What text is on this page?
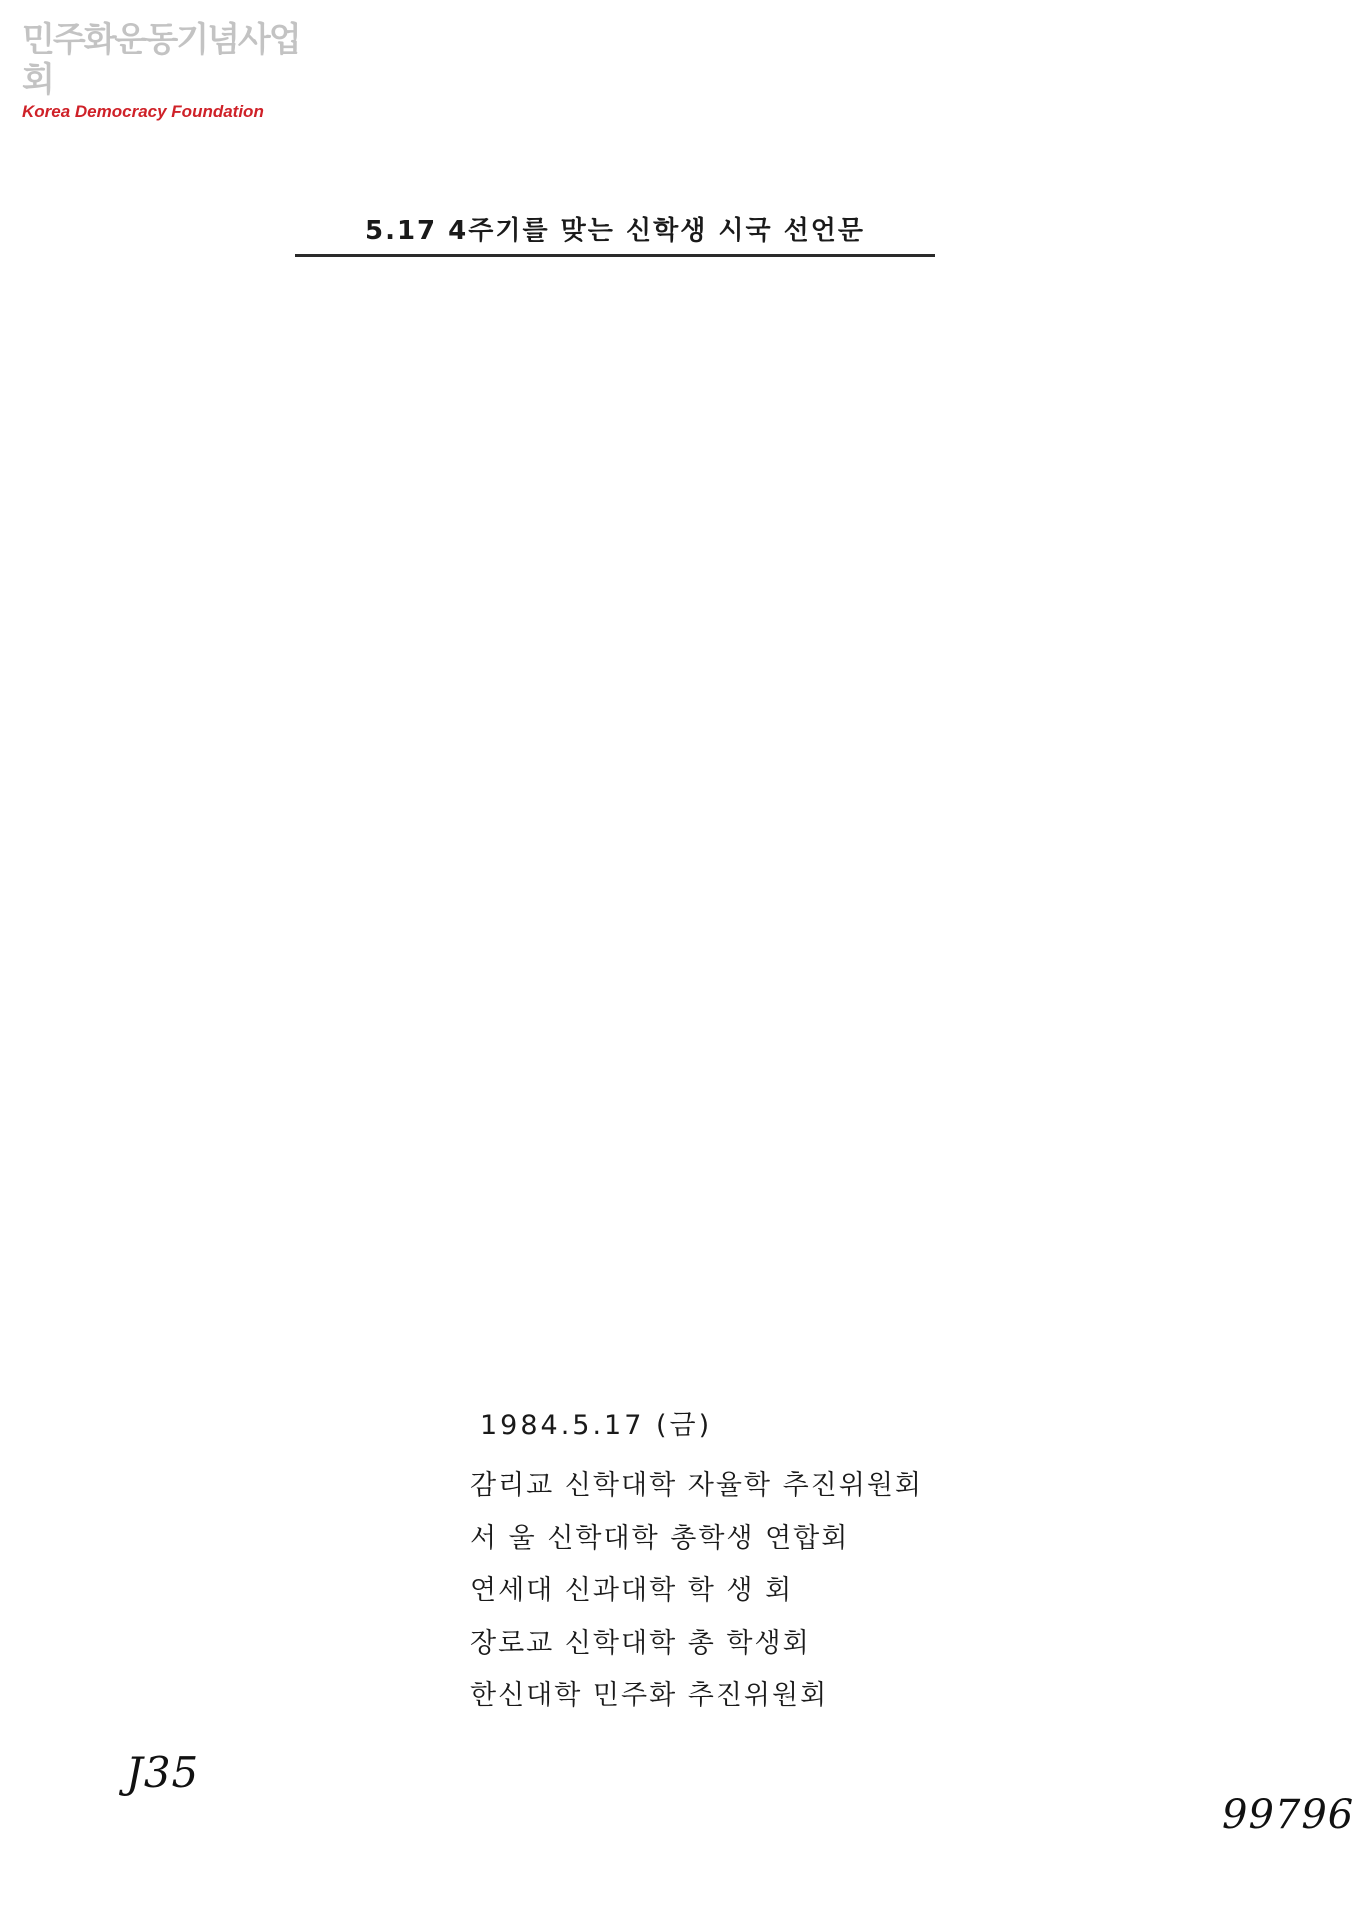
민주화운동기념사업회
Korea Democracy Foundation
5.17 4주기를 맞는 신학생 시국 선언문

1984.5.17 (금)
감리교 신학대학 자율학 추진위원회
서 울 신학대학 총학생 연합회
연세대 신과대학 학 생 회
장로교 신학대학 총 학생회
한신대학 민주화 추진위원회
J35
99796
